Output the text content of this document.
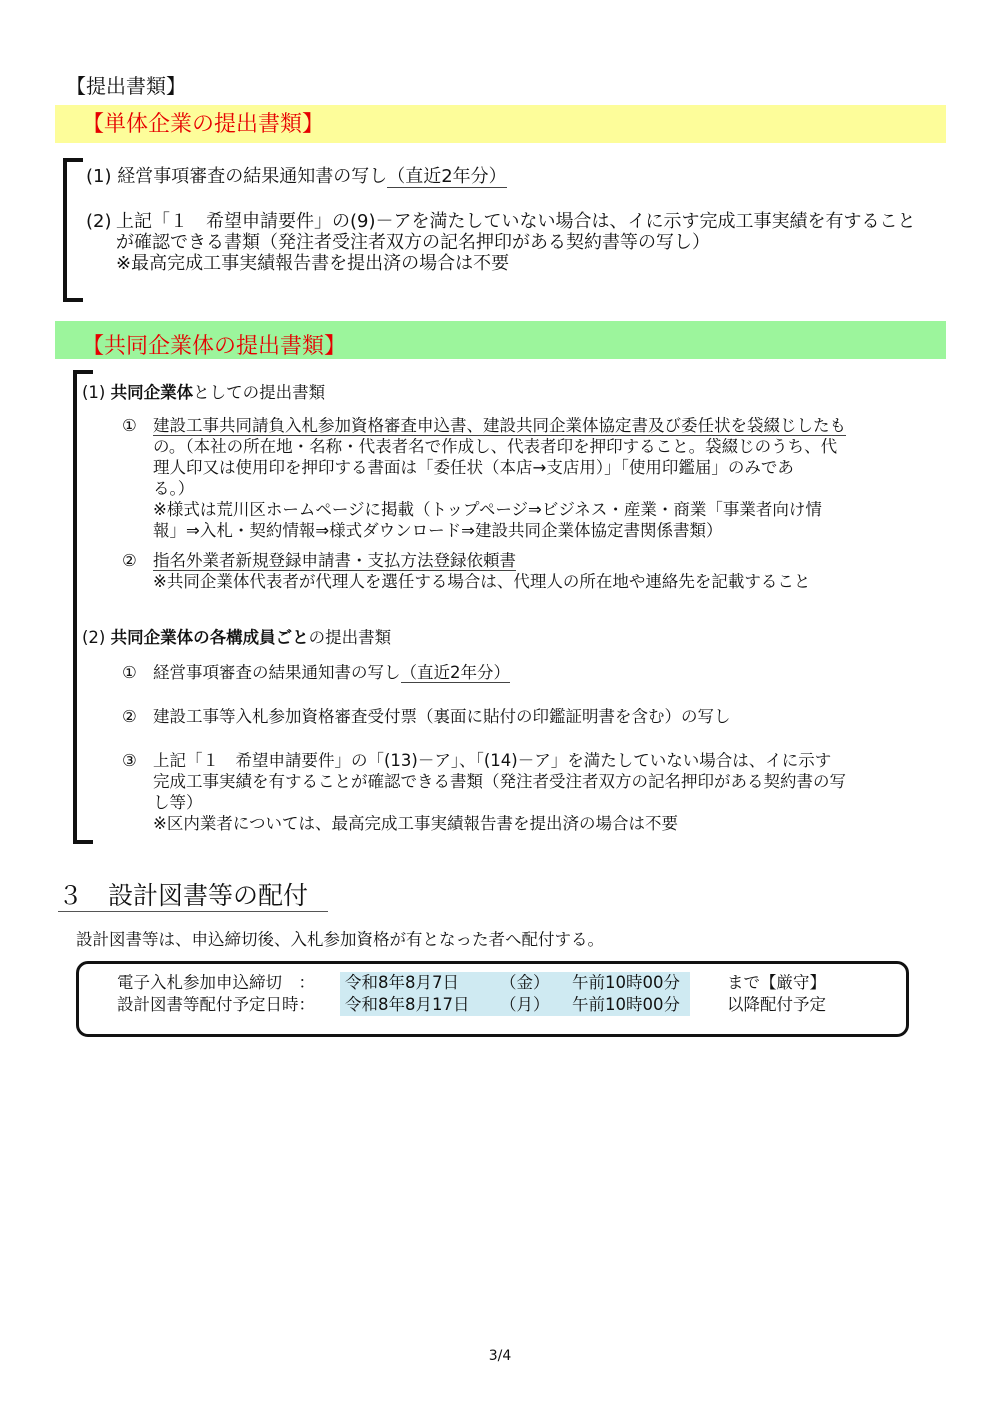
【提出書類】
【単体企業の提出書類】
(1) 経営事項審査の結果通知書の写し（直近2年分）
(2) 上記「１　希望申請要件」の(9)－アを満たしていない場合は、イに示す完成工事実績を有すること
が確認できる書類（発注者受注者双方の記名押印がある契約書等の写し）
※最高完成工事実績報告書を提出済の場合は不要
【共同企業体の提出書類】
(1) 共同企業体としての提出書類
① 建設工事共同請負入札参加資格審査申込書、建設共同企業体協定書及び委任状を袋綴じしたも
の。（本社の所在地・名称・代表者名で作成し、代表者印を押印すること。袋綴じのうち、代
理人印又は使用印を押印する書面は「委任状（本店→支店用）」「使用印鑑届」のみであ
る。）
※様式は荒川区ホームページに掲載（トップページ⇒ビジネス・産業・商業「事業者向け情
報」⇒入札・契約情報⇒様式ダウンロード⇒建設共同企業体協定書関係書類）
② 指名外業者新規登録申請書・支払方法登録依頼書
※共同企業体代表者が代理人を選任する場合は、代理人の所在地や連絡先を記載すること
(2) 共同企業体の各構成員ごとの提出書類
① 経営事項審査の結果通知書の写し（直近2年分）
② 建設工事等入札参加資格審査受付票（裏面に貼付の印鑑証明書を含む）の写し
③ 上記「１　希望申請要件」の「(13)－ア」、「(14)－ア」を満たしていない場合は、イに示す
完成工事実績を有することが確認できる書類（発注者受注者双方の記名押印がある契約書の写
し等）
※区内業者については、最高完成工事実績報告書を提出済の場合は不要
３　設計図書等の配付
設計図書等は、申込締切後、入札参加資格が有となった者へ配付する。
電子入札参加申込締切　： 令和8年8月7日 （金） 午前10時00分	まで【厳守】
設計図書等配付予定日時： 令和8年8月17日 （月） 午前10時00分	以降配付予定
3/4
